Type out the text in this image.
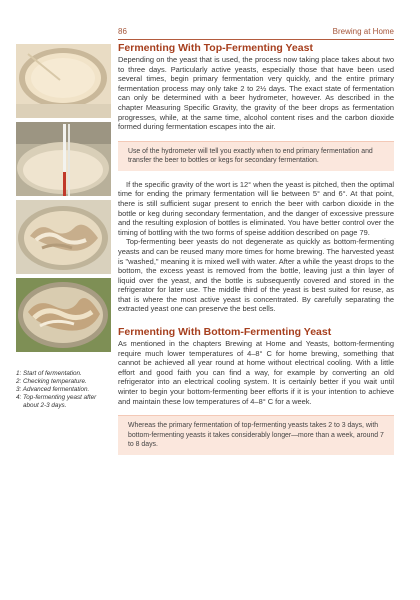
86	Brewing at Home
1: Start of fermentation.
2: Checking temperature.
3: Advanced fermentation.
4: Top-fermenting yeast after
about 2-3 days.
Fermenting With Top-Fermenting Yeast

Depending on the yeast that is used, the process now taking place takes about two to three days. Particularly active yeasts, especially those that have been used several times, begin primary fermentation very quickly, and the entire primary fermentation process may only take 2 to 2½ days. The exact state of fermentation can only be determined with a beer hydrometer, however. As described in the chapter Measuring Specific Gravity, the gravity of the beer drops as fermentation progresses, while, at the same time, alcohol content rises and the carbon dioxide formed during fermentation escapes into the air.

Use of the hydrometer will tell you exactly when to end primary fermentation and transfer the beer to bottles or kegs for secondary fermentation.

If the specific gravity of the wort is 12° when the yeast is pitched, then the optimal time for ending the primary fermentation will lie between 5° and 6°. At that point, there is still sufficient sugar present to enrich the beer with carbon dioxide in the bottle or keg during secondary fermentation, and the danger of excessive pressure and the resulting explosion of bottles is eliminated. You have better control over the timing of bottling with the two forms of speise addition described on page 79.

Top-fermenting beer yeasts do not degenerate as quickly as bottom-fermenting yeasts and can be reused many more times for home brewing. The harvested yeast is "washed," meaning it is mixed well with water. After a while the yeast drops to the bottom, the excess yeast is removed from the bottle, leaving just a thin layer of liquid over the yeast, and the bottle is subsequently covered and stored in the refrigerator for later use. The middle third of the yeast is best suited for reuse, as that is where the most active yeast is concentrated. By carefully separating the extracted yeast one can preserve the best cells.

Fermenting With Bottom-Fermenting Yeast

As mentioned in the chapters Brewing at Home and Yeasts, bottom-fermenting require much lower temperatures of 4–8° C for home brewing, something that cannot be achieved all year round at home without electrical cooling. With a little effort and good faith you can find a way, for example by converting an old refrigerator into an electrical cooling system. It is certainly better if you wait until winter to begin your bottom-fermenting beer efforts if it is your intention to achieve and maintain these low temperatures of 4–8° C for a week.

Whereas the primary fermentation of top-fermenting yeasts takes 2 to 3 days, with bottom-fermenting yeasts it takes considerably longer—more than a week, around 7 to 8 days.
